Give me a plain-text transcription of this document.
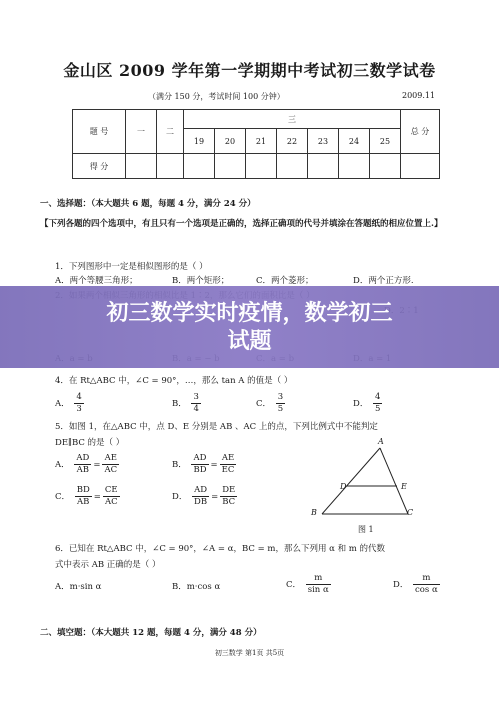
金山区 2009 学年第一学期期中考试初三数学试卷
（满分 150 分，考试时间 100 分钟）	2009.11
题 号	一	二	三							总 分
			19	20	21	22	23	24	25	
得 分										
一、选择题：（本大题共 6 题，每题 4 分，满分 24 分）
【下列各题的四个选项中，有且只有一个选项是正确的，选择正确项的代号并填涂在答题纸的相应位置上.】
1．下列图形中一定是相似图形的是（ ）
A．两个等腰三角形；	B．两个矩形；	C．两个菱形；	D．两个正方形.
4．在 Rt△ABC 中，∠C = 90°，…，那么 tan A 的值是（ ）
A． $\frac{4}{3}$	B． $\frac{3}{4}$	C． $\frac{3}{5}$	D． $\frac{4}{5}$
5．如图 1，在△ABC 中，点 D、E 分别是 AB 、AC 上的点，下列比例式中不能判定
DE∥BC 的是（ ）
A． $\frac{AD}{AB} = \frac{AE}{AC}$	B． $\frac{AD}{BD} = \frac{AE}{EC}$
C． $\frac{BD}{AB} = \frac{CE}{AC}$	D． $\frac{AD}{DB} = \frac{DE}{BC}$
A
D	E
B	C
图 1
6．已知在 Rt△ABC 中，∠C = 90°，∠A = α，BC = m，那么下列用 α 和 m 的代数
式中表示 AB 正确的是（ ）
A．m·sin α	B．m·cos α	C． $\frac{m}{\text{sin α}}$	D． $\frac{m}{\text{cos α}}$
二、填空题：（本大题共 12 题，每题 4 分，满分 48 分）
初三数学 第1页 共5页
初三数学实时疫情，数学初三
试题
